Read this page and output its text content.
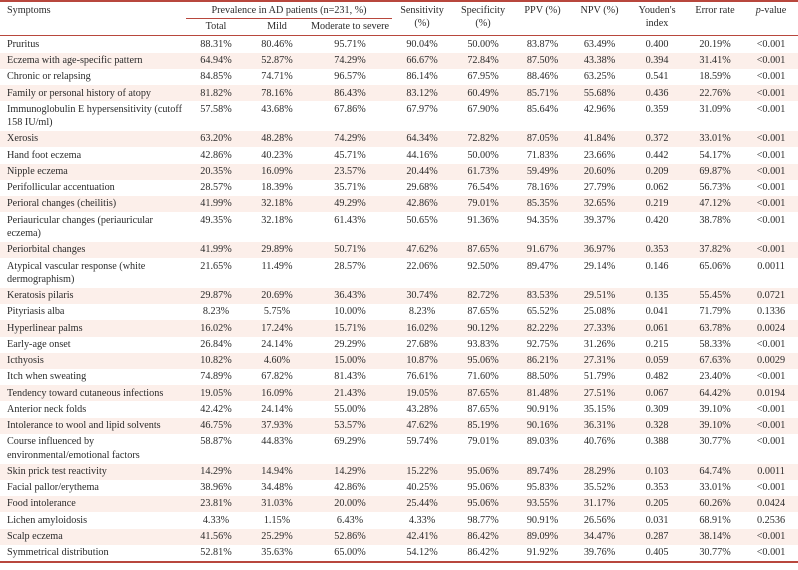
Symptoms	Prevalence in AD patients (n=231, %)			Sensitivity (%)	Specificity (%)	PPV (%)	NPV (%)	Youden's index	Error rate	p-value
	Total	Mild	Moderate to severe							
Pruritus	88.31%	80.46%	95.71%	90.04%	50.00%	83.87%	63.49%	0.400	20.19%	<0.001
Eczema with age-specific pattern	64.94%	52.87%	74.29%	66.67%	72.84%	87.50%	43.38%	0.394	31.41%	<0.001
Chronic or relapsing	84.85%	74.71%	96.57%	86.14%	67.95%	88.46%	63.25%	0.541	18.59%	<0.001
Family or personal history of atopy	81.82%	78.16%	86.43%	83.12%	60.49%	85.71%	55.68%	0.436	22.76%	<0.001
Immunoglobulin E hypersensitivity (cutoff 158 IU/ml)	57.58%	43.68%	67.86%	67.97%	67.90%	85.64%	42.96%	0.359	31.09%	<0.001
Xerosis	63.20%	48.28%	74.29%	64.34%	72.82%	87.05%	41.84%	0.372	33.01%	<0.001
Hand foot eczema	42.86%	40.23%	45.71%	44.16%	50.00%	71.83%	23.66%	0.442	54.17%	<0.001
Nipple eczema	20.35%	16.09%	23.57%	20.44%	61.73%	59.49%	20.60%	0.209	69.87%	<0.001
Perifollicular accentuation	28.57%	18.39%	35.71%	29.68%	76.54%	78.16%	27.79%	0.062	56.73%	<0.001
Perioral changes (cheilitis)	41.99%	32.18%	49.29%	42.86%	79.01%	85.35%	32.65%	0.219	47.12%	<0.001
Periauricular changes (periauricular eczema)	49.35%	32.18%	61.43%	50.65%	91.36%	94.35%	39.37%	0.420	38.78%	<0.001
Periorbital changes	41.99%	29.89%	50.71%	47.62%	87.65%	91.67%	36.97%	0.353	37.82%	<0.001
Atypical vascular response (white dermographism)	21.65%	11.49%	28.57%	22.06%	92.50%	89.47%	29.14%	0.146	65.06%	0.0011
Keratosis pilaris	29.87%	20.69%	36.43%	30.74%	82.72%	83.53%	29.51%	0.135	55.45%	0.0721
Pityriasis alba	8.23%	5.75%	10.00%	8.23%	87.65%	65.52%	25.08%	0.041	71.79%	0.1336
Hyperlinear palms	16.02%	17.24%	15.71%	16.02%	90.12%	82.22%	27.33%	0.061	63.78%	0.0024
Early-age onset	26.84%	24.14%	29.29%	27.68%	93.83%	92.75%	31.26%	0.215	58.33%	<0.001
Icthyosis	10.82%	4.60%	15.00%	10.87%	95.06%	86.21%	27.31%	0.059	67.63%	0.0029
Itch when sweating	74.89%	67.82%	81.43%	76.61%	71.60%	88.50%	51.79%	0.482	23.40%	<0.001
Tendency toward cutaneous infections	19.05%	16.09%	21.43%	19.05%	87.65%	81.48%	27.51%	0.067	64.42%	0.0194
Anterior neck folds	42.42%	24.14%	55.00%	43.28%	87.65%	90.91%	35.15%	0.309	39.10%	<0.001
Intolerance to wool and lipid solvents	46.75%	37.93%	53.57%	47.62%	85.19%	90.16%	36.31%	0.328	39.10%	<0.001
Course influenced by environmental/emotional factors	58.87%	44.83%	69.29%	59.74%	79.01%	89.03%	40.76%	0.388	30.77%	<0.001
Skin prick test reactivity	14.29%	14.94%	14.29%	15.22%	95.06%	89.74%	28.29%	0.103	64.74%	0.0011
Facial pallor/erythema	38.96%	34.48%	42.86%	40.25%	95.06%	95.83%	35.52%	0.353	33.01%	<0.001
Food intolerance	23.81%	31.03%	20.00%	25.44%	95.06%	93.55%	31.17%	0.205	60.26%	0.0424
Lichen amyloidosis	4.33%	1.15%	6.43%	4.33%	98.77%	90.91%	26.56%	0.031	68.91%	0.2536
Scalp eczema	41.56%	25.29%	52.86%	42.41%	86.42%	89.09%	34.47%	0.287	38.14%	<0.001
Symmetrical distribution	52.81%	35.63%	65.00%	54.12%	86.42%	91.92%	39.76%	0.405	30.77%	<0.001
